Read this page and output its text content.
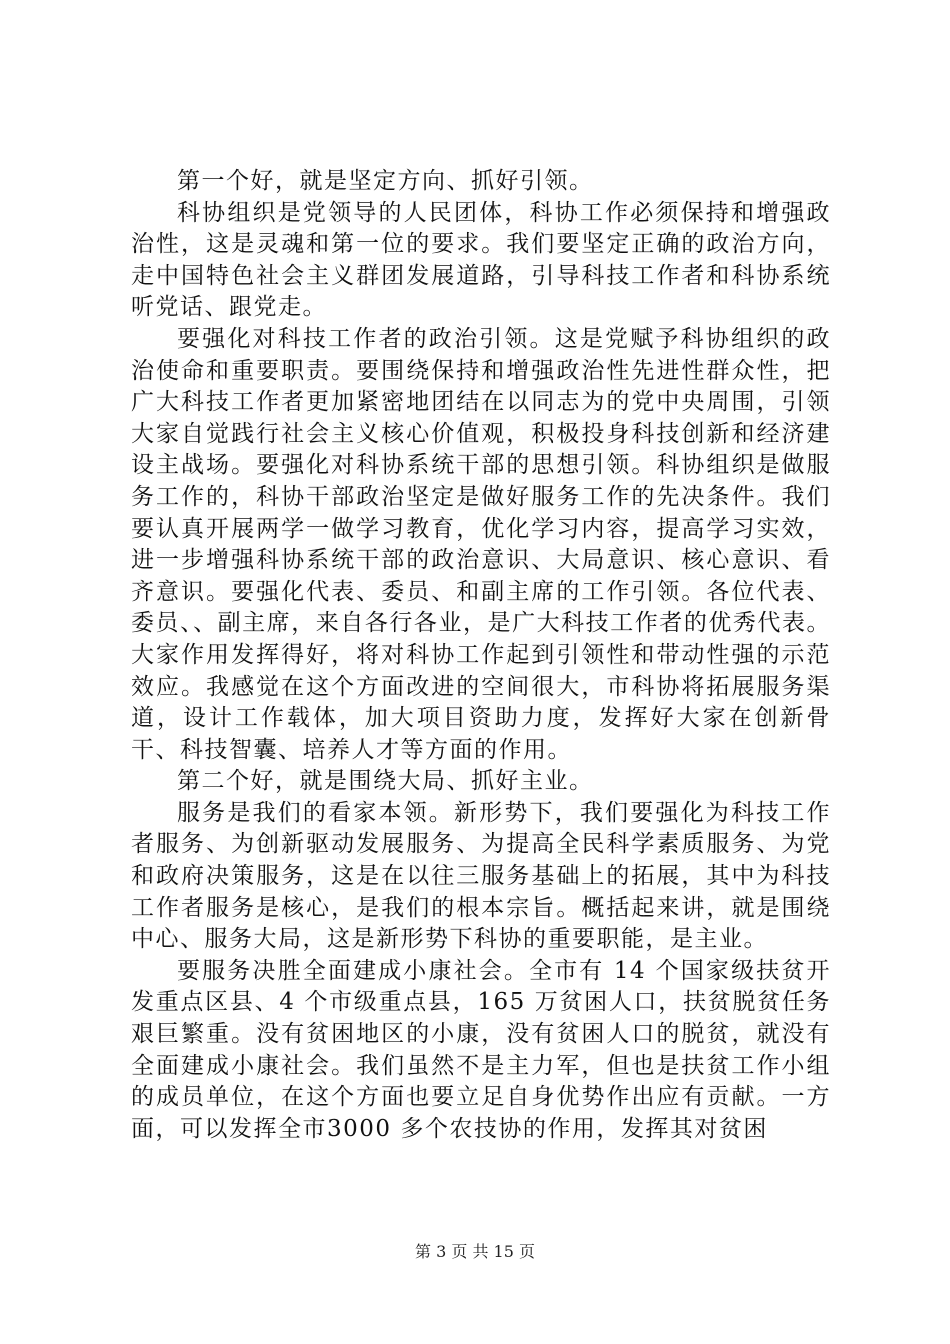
第一个好，就是坚定方向、抓好引领。

科协组织是党领导的人民团体，科协工作必须保持和增强政治性，这是灵魂和第一位的要求。我们要坚定正确的政治方向，走中国特色社会主义群团发展道路，引导科技工作者和科协系统听党话、跟党走。

要强化对科技工作者的政治引领。这是党赋予科协组织的政治使命和重要职责。要围绕保持和增强政治性先进性群众性，把广大科技工作者更加紧密地团结在以同志为的党中央周围，引领大家自觉践行社会主义核心价值观，积极投身科技创新和经济建设主战场。要强化对科协系统干部的思想引领。科协组织是做服务工作的，科协干部政治坚定是做好服务工作的先决条件。我们要认真开展两学一做学习教育，优化学习内容，提高学习实效，进一步增强科协系统干部的政治意识、大局意识、核心意识、看齐意识。要强化代表、委员、和副主席的工作引领。各位代表、委员、、副主席，来自各行各业，是广大科技工作者的优秀代表。大家作用发挥得好，将对科协工作起到引领性和带动性强的示范效应。我感觉在这个方面改进的空间很大，市科协将拓展服务渠道，设计工作载体，加大项目资助力度，发挥好大家在创新骨干、科技智囊、培养人才等方面的作用。

第二个好，就是围绕大局、抓好主业。

服务是我们的看家本领。新形势下，我们要强化为科技工作者服务、为创新驱动发展服务、为提高全民科学素质服务、为党和政府决策服务，这是在以往三服务基础上的拓展，其中为科技工作者服务是核心，是我们的根本宗旨。概括起来讲，就是围绕中心、服务大局，这是新形势下科协的重要职能，是主业。

要服务决胜全面建成小康社会。全市有 14 个国家级扶贫开发重点区县、4 个市级重点县，165 万贫困人口，扶贫脱贫任务艰巨繁重。没有贫困地区的小康，没有贫困人口的脱贫，就没有全面建成小康社会。我们虽然不是主力军，但也是扶贫工作小组的成员单位，在这个方面也要立足自身优势作出应有贡献。一方面，可以发挥全市3000 多个农技协的作用，发挥其对贫困

第 3 页 共 15 页
